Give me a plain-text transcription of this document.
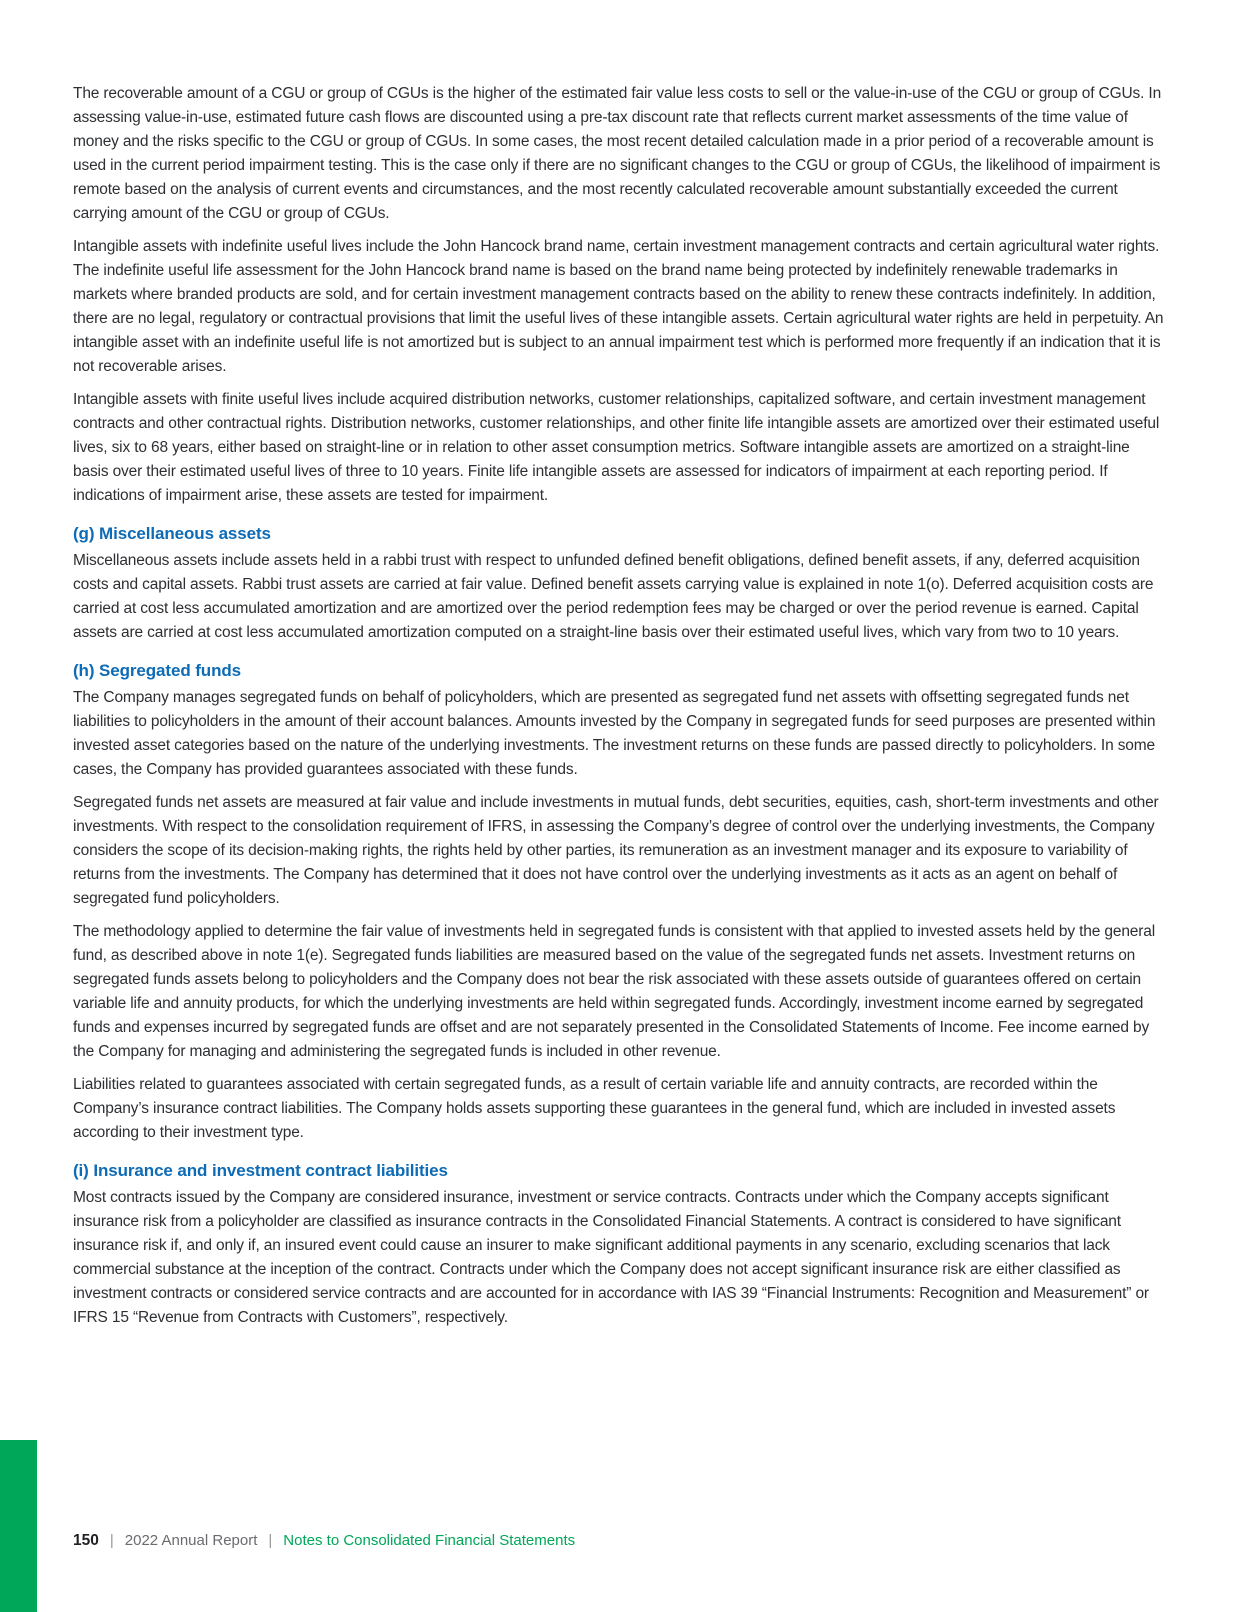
The recoverable amount of a CGU or group of CGUs is the higher of the estimated fair value less costs to sell or the value-in-use of the CGU or group of CGUs. In assessing value-in-use, estimated future cash flows are discounted using a pre-tax discount rate that reflects current market assessments of the time value of money and the risks specific to the CGU or group of CGUs. In some cases, the most recent detailed calculation made in a prior period of a recoverable amount is used in the current period impairment testing. This is the case only if there are no significant changes to the CGU or group of CGUs, the likelihood of impairment is remote based on the analysis of current events and circumstances, and the most recently calculated recoverable amount substantially exceeded the current carrying amount of the CGU or group of CGUs.

Intangible assets with indefinite useful lives include the John Hancock brand name, certain investment management contracts and certain agricultural water rights. The indefinite useful life assessment for the John Hancock brand name is based on the brand name being protected by indefinitely renewable trademarks in markets where branded products are sold, and for certain investment management contracts based on the ability to renew these contracts indefinitely. In addition, there are no legal, regulatory or contractual provisions that limit the useful lives of these intangible assets. Certain agricultural water rights are held in perpetuity. An intangible asset with an indefinite useful life is not amortized but is subject to an annual impairment test which is performed more frequently if an indication that it is not recoverable arises.

Intangible assets with finite useful lives include acquired distribution networks, customer relationships, capitalized software, and certain investment management contracts and other contractual rights. Distribution networks, customer relationships, and other finite life intangible assets are amortized over their estimated useful lives, six to 68 years, either based on straight-line or in relation to other asset consumption metrics. Software intangible assets are amortized on a straight-line basis over their estimated useful lives of three to 10 years. Finite life intangible assets are assessed for indicators of impairment at each reporting period. If indications of impairment arise, these assets are tested for impairment.

(g) Miscellaneous assets

Miscellaneous assets include assets held in a rabbi trust with respect to unfunded defined benefit obligations, defined benefit assets, if any, deferred acquisition costs and capital assets. Rabbi trust assets are carried at fair value. Defined benefit assets carrying value is explained in note 1(o). Deferred acquisition costs are carried at cost less accumulated amortization and are amortized over the period redemption fees may be charged or over the period revenue is earned. Capital assets are carried at cost less accumulated amortization computed on a straight-line basis over their estimated useful lives, which vary from two to 10 years.

(h) Segregated funds

The Company manages segregated funds on behalf of policyholders, which are presented as segregated fund net assets with offsetting segregated funds net liabilities to policyholders in the amount of their account balances. Amounts invested by the Company in segregated funds for seed purposes are presented within invested asset categories based on the nature of the underlying investments. The investment returns on these funds are passed directly to policyholders. In some cases, the Company has provided guarantees associated with these funds.

Segregated funds net assets are measured at fair value and include investments in mutual funds, debt securities, equities, cash, short-term investments and other investments. With respect to the consolidation requirement of IFRS, in assessing the Company’s degree of control over the underlying investments, the Company considers the scope of its decision-making rights, the rights held by other parties, its remuneration as an investment manager and its exposure to variability of returns from the investments. The Company has determined that it does not have control over the underlying investments as it acts as an agent on behalf of segregated fund policyholders.

The methodology applied to determine the fair value of investments held in segregated funds is consistent with that applied to invested assets held by the general fund, as described above in note 1(e). Segregated funds liabilities are measured based on the value of the segregated funds net assets. Investment returns on segregated funds assets belong to policyholders and the Company does not bear the risk associated with these assets outside of guarantees offered on certain variable life and annuity products, for which the underlying investments are held within segregated funds. Accordingly, investment income earned by segregated funds and expenses incurred by segregated funds are offset and are not separately presented in the Consolidated Statements of Income. Fee income earned by the Company for managing and administering the segregated funds is included in other revenue.

Liabilities related to guarantees associated with certain segregated funds, as a result of certain variable life and annuity contracts, are recorded within the Company’s insurance contract liabilities. The Company holds assets supporting these guarantees in the general fund, which are included in invested assets according to their investment type.

(i) Insurance and investment contract liabilities

Most contracts issued by the Company are considered insurance, investment or service contracts. Contracts under which the Company accepts significant insurance risk from a policyholder are classified as insurance contracts in the Consolidated Financial Statements. A contract is considered to have significant insurance risk if, and only if, an insured event could cause an insurer to make significant additional payments in any scenario, excluding scenarios that lack commercial substance at the inception of the contract. Contracts under which the Company does not accept significant insurance risk are either classified as investment contracts or considered service contracts and are accounted for in accordance with IAS 39 “Financial Instruments: Recognition and Measurement” or IFRS 15 “Revenue from Contracts with Customers”, respectively.

150 | 2022 Annual Report | Notes to Consolidated Financial Statements
